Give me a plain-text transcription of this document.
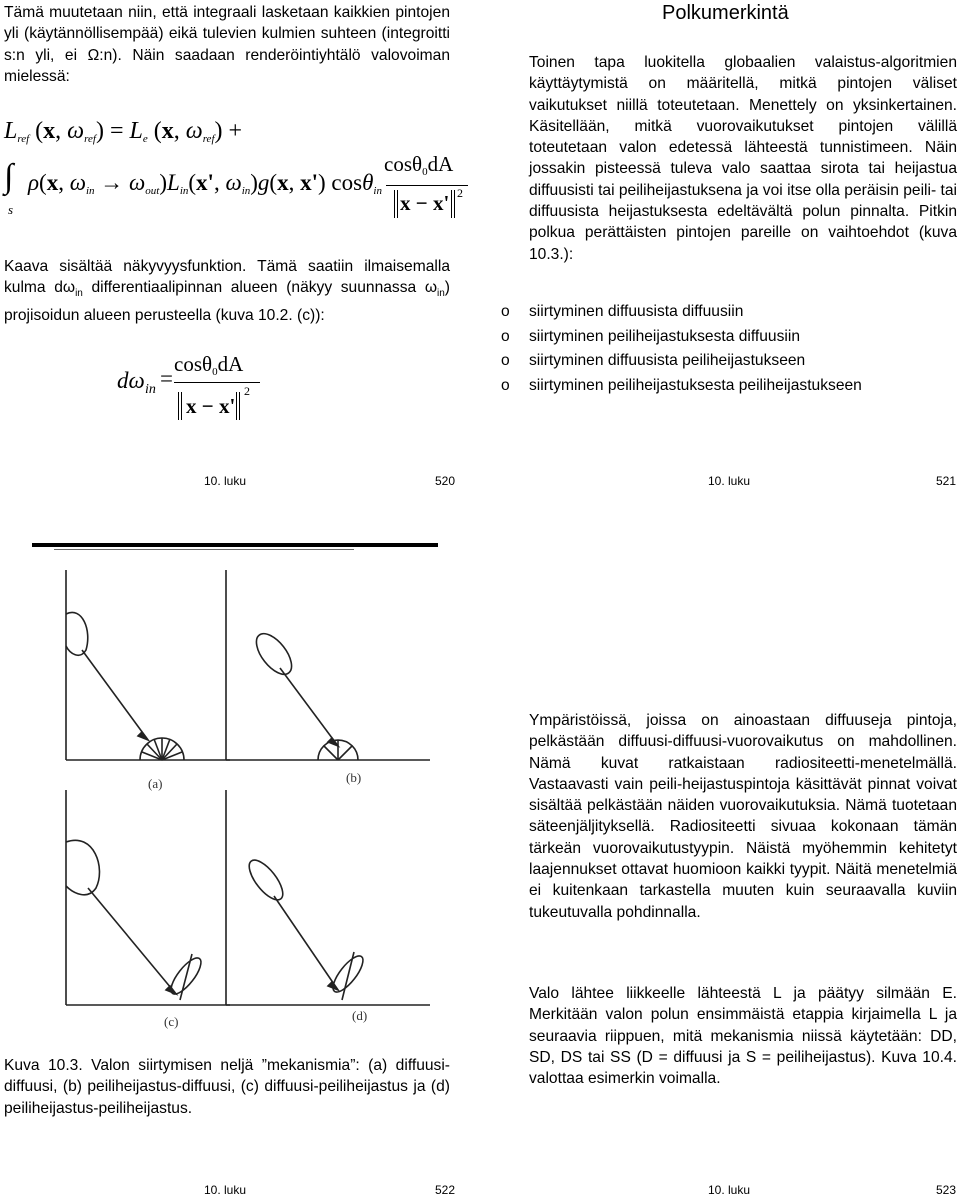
Tämä muutetaan niin, että integraali lasketaan kaikkien pintojen yli (käytännöllisempää) eikä tulevien kulmien suhteen (integroitti s:n yli, ei Ω:n). Näin saadaan renderöintiyhtälö valovoiman mielessä:

$L_{ref}$ (x, $\omega_{ref}) = L_e$ (x, $\omega_{ref}$) +
∫
s
ρ(x, $\omega_{in} \to \omega_{out})L_{in}(x'$, $\omega_{in})g(x$, x') cosθ$_{in}$
cosθ0dA
x − x' 2

Kaava sisältää näkyvyysfunktion. Tämä saatiin ilmaisemalla kulma $d\omega_{in}$ differentiaalipinnan alueen (näkyy suunnassa $\omega_{in}$) projisoidun alueen perusteella (kuva 10.2. (c)):

dω in =
cosθ0dA
x − x'
2
10. luku	520
Polkumerkintä

Toinen tapa luokitella globaalien valaistus-algoritmien käyttäytymistä on määritellä, mitkä pintojen väliset vaikutukset niillä toteutetaan. Menettely on yksinkertainen. Käsitellään, mitkä vuorovaikutukset pintojen välillä toteutetaan valon edetessä lähteestä tunnistimeen. Näin jossakin pisteessä tuleva valo saattaa sirota tai heijastua diffuusisti tai peiliheijastuksena ja voi itse olla peräisin peili- tai diffuusista heijastuksesta edeltävältä polun pinnalta. Pitkin polkua perättäisten pintojen pareille on vaihtoehdot (kuva 10.3.):

o siirtyminen diffuusista diffuusiin
o siirtyminen peiliheijastuksesta diffuusiin
o siirtyminen diffuusista peiliheijastukseen
o siirtyminen peiliheijastuksesta peiliheijastukseen
10. luku	521
(a)	(b)
(c)	(d)

Kuva 10.3. Valon siirtymisen neljä ”mekanismia”: (a) diffuusi-diffuusi, (b) peiliheijastus-diffuusi, (c) diffuusi-peiliheijastus ja (d) peiliheijastus-peiliheijastus.

10. luku	522

Ympäristöissä, joissa on ainoastaan diffuuseja pintoja, pelkästään diffuusi-diffuusi-vuorovaikutus on mahdollinen. Nämä kuvat ratkaistaan radiositeetti-menetelmällä. Vastaavasti vain peili-heijastuspintoja käsittävät pinnat voivat sisältää pelkästään näiden vuorovaikutuksia. Nämä tuotetaan säteenjäljityksellä. Radiositeetti sivuaa kokonaan tämän tärkeän vuorovaikutustyypin. Näistä myöhemmin kehitetyt laajennukset ottavat huomioon kaikki tyypit. Näitä menetelmiä ei kuitenkaan tarkastella muuten kuin seuraavalla kuviin tukeutuvalla pohdinnalla.

Valo lähtee liikkeelle lähteestä L ja päätyy silmään E. Merkitään valon polun ensimmäistä etappia kirjaimella L ja seuraavia riippuen, mitä mekanismia niissä käytetään: DD, SD, DS tai SS (D = diffuusi ja S = peiliheijastus). Kuva 10.4. valottaa esimerkin voimalla.

10. luku	523
